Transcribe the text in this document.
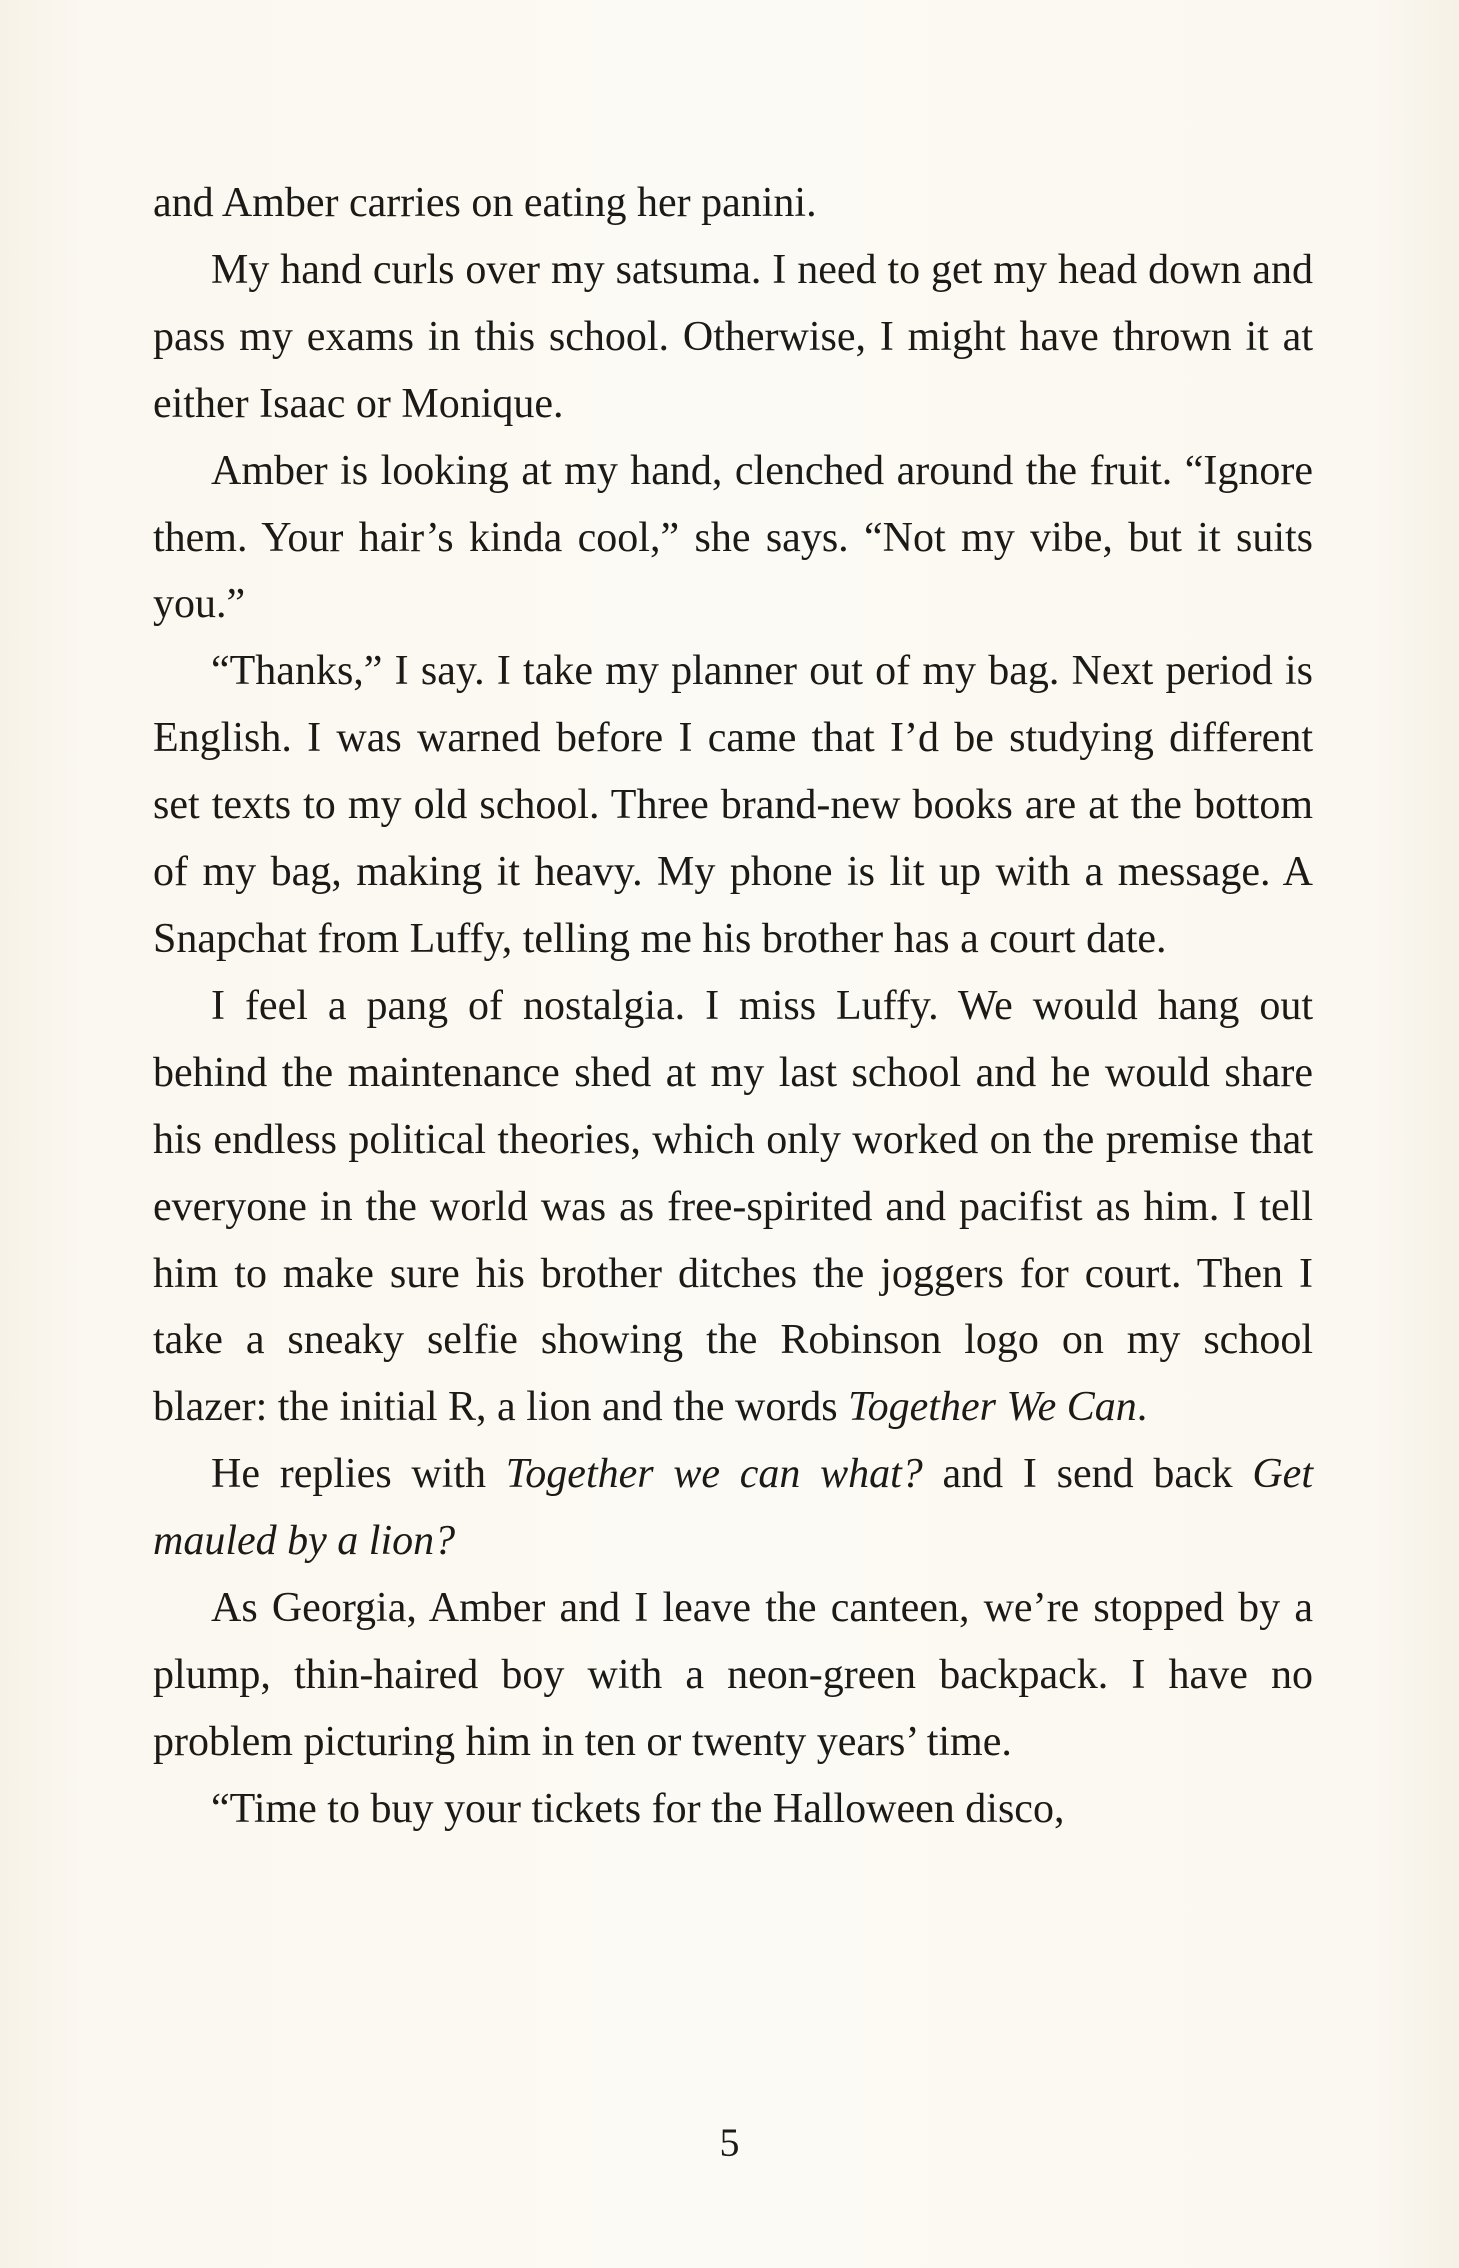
and Amber carries on eating her panini.

My hand curls over my satsuma. I need to get my head down and pass my exams in this school. Otherwise, I might have thrown it at either Isaac or Monique.

Amber is looking at my hand, clenched around the fruit. “Ignore them. Your hair’s kinda cool,” she says. “Not my vibe, but it suits you.”

“Thanks,” I say. I take my planner out of my bag. Next period is English. I was warned before I came that I’d be studying different set texts to my old school. Three brand-new books are at the bottom of my bag, making it heavy. My phone is lit up with a message. A Snapchat from Luffy, telling me his brother has a court date.

I feel a pang of nostalgia. I miss Luffy. We would hang out behind the maintenance shed at my last school and he would share his endless political theories, which only worked on the premise that everyone in the world was as free-spirited and pacifist as him. I tell him to make sure his brother ditches the joggers for court. Then I take a sneaky selfie showing the Robinson logo on my school blazer: the initial R, a lion and the words Together We Can.

He replies with Together we can what? and I send back Get mauled by a lion?

As Georgia, Amber and I leave the canteen, we’re stopped by a plump, thin-haired boy with a neon-green backpack. I have no problem picturing him in ten or twenty years’ time.

“Time to buy your tickets for the Halloween disco,

5
